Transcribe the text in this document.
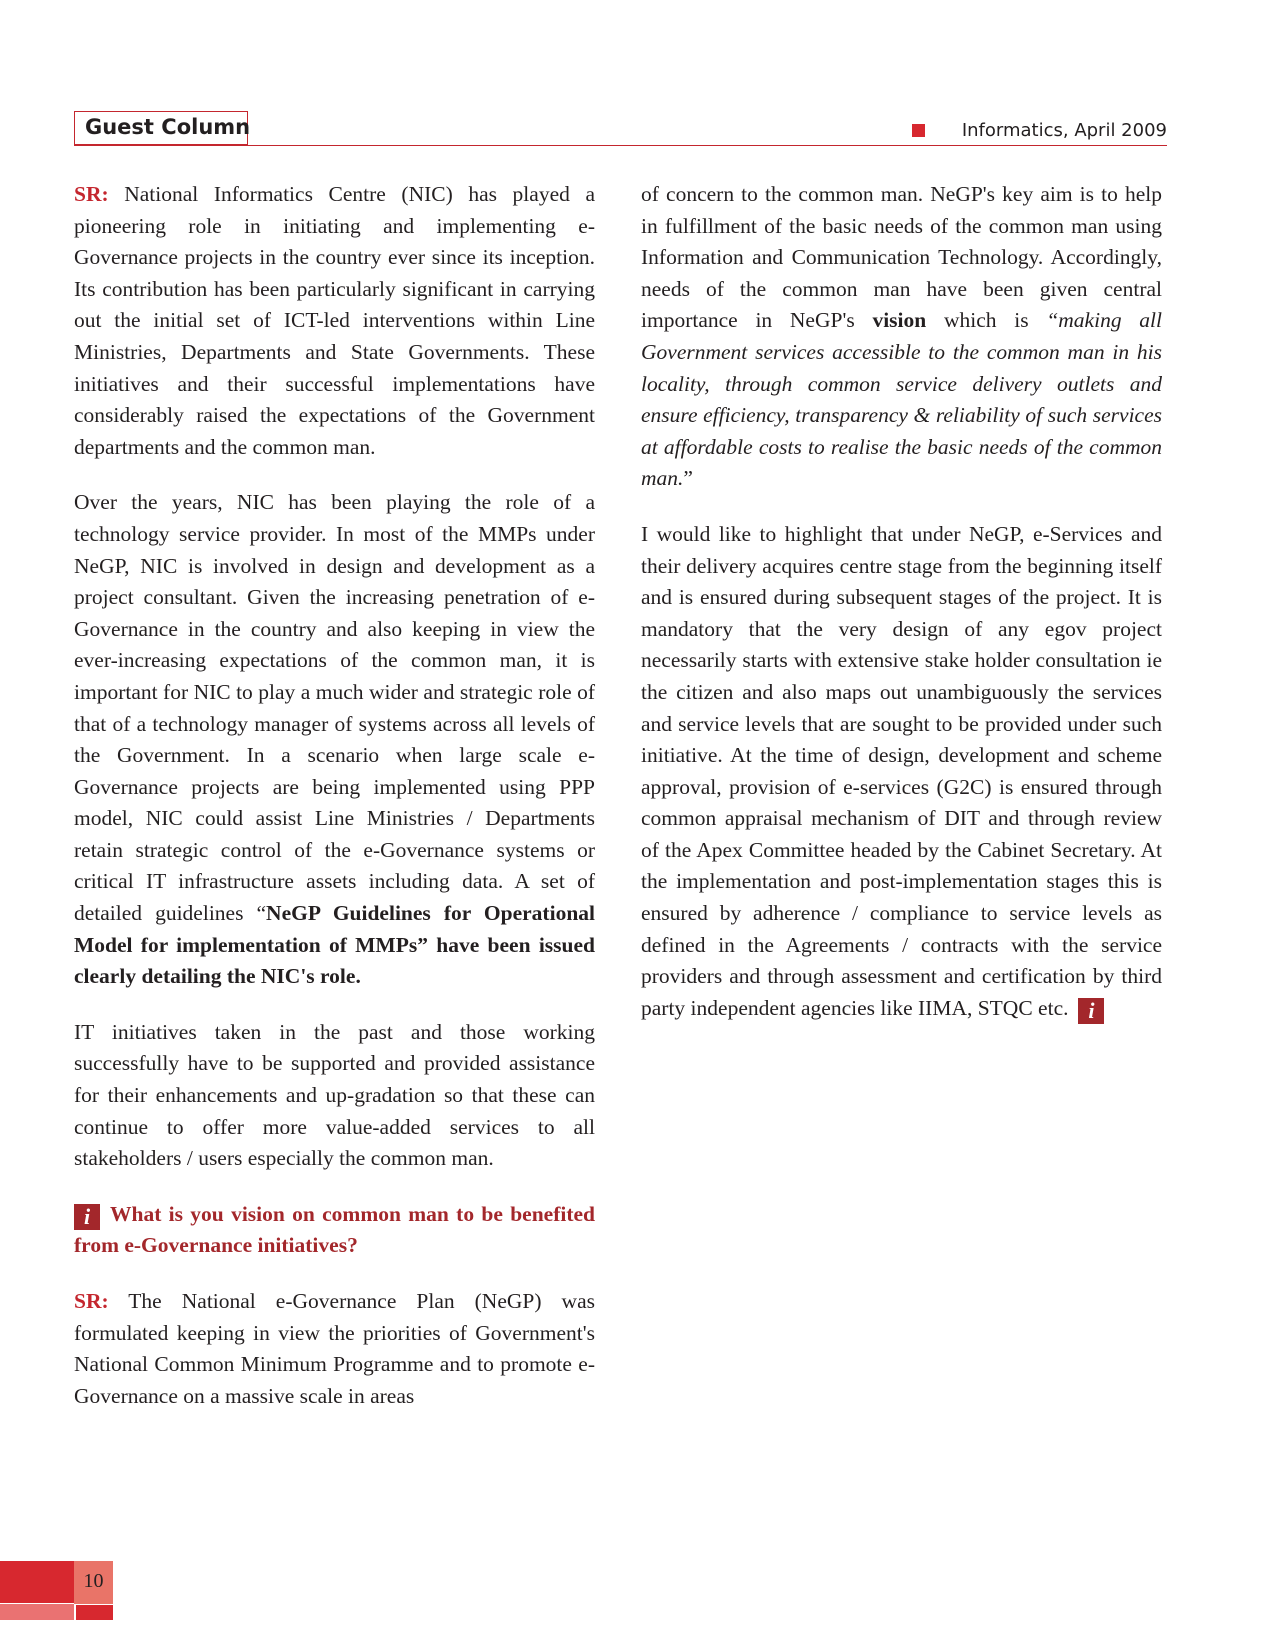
Guest Column	Informatics, April 2009

SR: National Informatics Centre (NIC) has played a pioneering role in initiating and implementing e-Governance projects in the country ever since its inception. Its contribution has been particularly significant in carrying out the initial set of ICT-led interventions within Line Ministries, Departments and State Governments. These initiatives and their successful implementations have considerably raised the expectations of the Government departments and the common man.

Over the years, NIC has been playing the role of a technology service provider. In most of the MMPs under NeGP, NIC is involved in design and development as a project consultant. Given the increasing penetration of e-Governance in the country and also keeping in view the ever-increasing expectations of the common man, it is important for NIC to play a much wider and strategic role of that of a technology manager of systems across all levels of the Government. In a scenario when large scale e-Governance projects are being implemented using PPP model, NIC could assist Line Ministries / Departments retain strategic control of the e-Governance systems or critical IT infrastructure assets including data. A set of detailed guidelines “NeGP Guidelines for Operational Model for implementation of MMPs” have been issued clearly detailing the NIC's role.

IT initiatives taken in the past and those working successfully have to be supported and provided assistance for their enhancements and up-gradation so that these can continue to offer more value-added services to all stakeholders / users especially the common man.

i What is you vision on common man to be benefited from e-Governance initiatives?

SR: The National e-Governance Plan (NeGP) was formulated keeping in view the priorities of Government's National Common Minimum Programme and to promote e-Governance on a massive scale in areas

of concern to the common man. NeGP's key aim is to help in fulfillment of the basic needs of the common man using Information and Communication Technology. Accordingly, needs of the common man have been given central importance in NeGP's vision which is “making all Government services accessible to the common man in his locality, through common service delivery outlets and ensure efficiency, transparency & reliability of such services at affordable costs to realise the basic needs of the common man.”

I would like to highlight that under NeGP, e-Services and their delivery acquires centre stage from the beginning itself and is ensured during subsequent stages of the project. It is mandatory that the very design of any egov project necessarily starts with extensive stake holder consultation ie the citizen and also maps out unambiguously the services and service levels that are sought to be provided under such initiative. At the time of design, development and scheme approval, provision of e-services (G2C) is ensured through common appraisal mechanism of DIT and through review of the Apex Committee headed by the Cabinet Secretary. At the implementation and post-implementation stages this is ensured by adherence / compliance to service levels as defined in the Agreements / contracts with the service providers and through assessment and certification by third party independent agencies like IIMA, STQC etc. i

10
